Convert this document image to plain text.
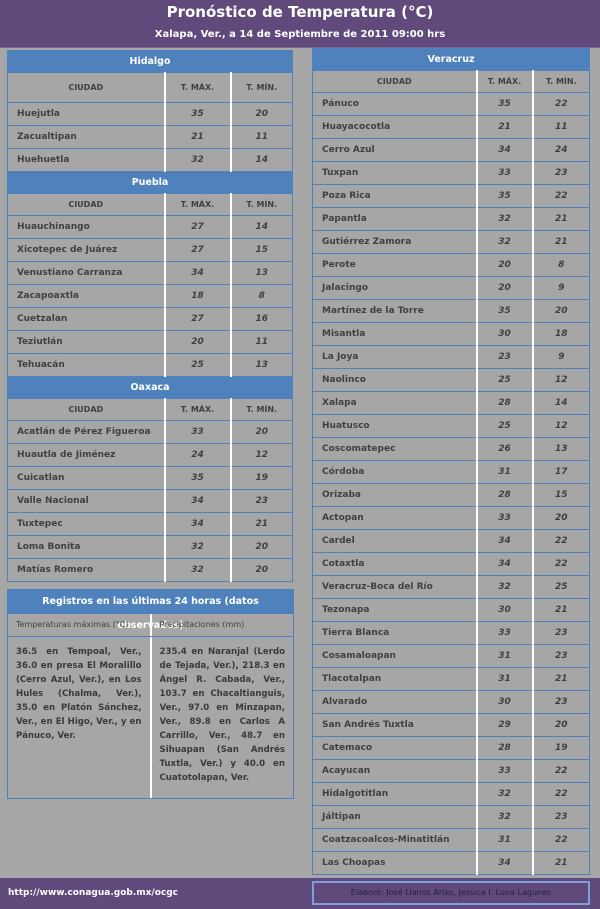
Pronóstico de Temperatura (°C)
Xalapa, Ver., a 14 de Septiembre de 2011 09:00 hrs
Hidalgo		
CIUDAD	T. MÁX.	T. MÍN.
Huejutla	35	20
Zacualtipan	21	11
Huehuetla	32	14
Puebla		
CIUDAD	T. MÁX.	T. MÍN.
Huauchinango	27	14
Xicotepec de Juárez	27	15
Venustiano Carranza	34	13
Zacapoaxtla	18	8
Cuetzalan	27	16
Teziutlán	20	11
Tehuacán	25	13
Oaxaca		
CIUDAD	T. MÁX.	T. MÍN.
Acatlán de Pérez Figueroa	33	20
Huautla de Jiménez	24	12
Cuicatlan	35	19
Valle Nacional	34	23
Tuxtepec	34	21
Loma Bonita	32	20
Matías Romero	32	20
Veracruz		
CIUDAD	T. MÁX.	T. MÍN.
Pánuco	35	22
Huayacocotla	21	11
Cerro Azul	34	24
Tuxpan	33	23
Poza Rica	35	22
Papantla	32	21
Gutiérrez Zamora	32	21
Perote	20	8
Jalacingo	20	9
Martínez de la Torre	35	20
Misantla	30	18
La Joya	23	9
Naolinco	25	12
Xalapa	28	14
Huatusco	25	12
Coscomatepec	26	13
Córdoba	31	17
Orizaba	28	15
Actopan	33	20
Cardel	34	22
Cotaxtla	34	22
Veracruz-Boca del Río	32	25
Tezonapa	30	21
Tierra Blanca	33	23
Cosamaloapan	31	23
Tlacotalpan	31	21
Alvarado	30	23
San Andrés Tuxtla	29	20
Catemaco	28	19
Acayucan	33	22
Hidalgotitlan	32	22
Jáltipan	32	23
Coatzacoalcos-Minatitlán	31	22
Las Choapas	34	21
Registros en las últimas 24 horas (datos observados)
Temperaturas máximas (°C)	Precipitaciones (mm)
36.5 en Tempoal, Ver., 36.0 en presa El Moralillo (Cerro Azul, Ver.), en Los Hules (Chalma, Ver.), 35.0 en Platón Sánchez, Ver., en El Higo, Ver., y en Pánuco, Ver.
235.4 en Naranjal (Lerdo de Tejada, Ver.), 218.3 en Ángel R. Cabada, Ver., 103.7 en Chacaltianguis, Ver., 97.0 en Minzapan, Ver., 89.8 en Carlos A Carrillo, Ver., 48.7 en Sihuapan (San Andrés Tuxtla, Ver.) y 40.0 en Cuatotolapan, Ver.
http://www.conagua.gob.mx/ocgc	Elaboró: José Llanos Arias, Jessica I. Luna Lagunes
